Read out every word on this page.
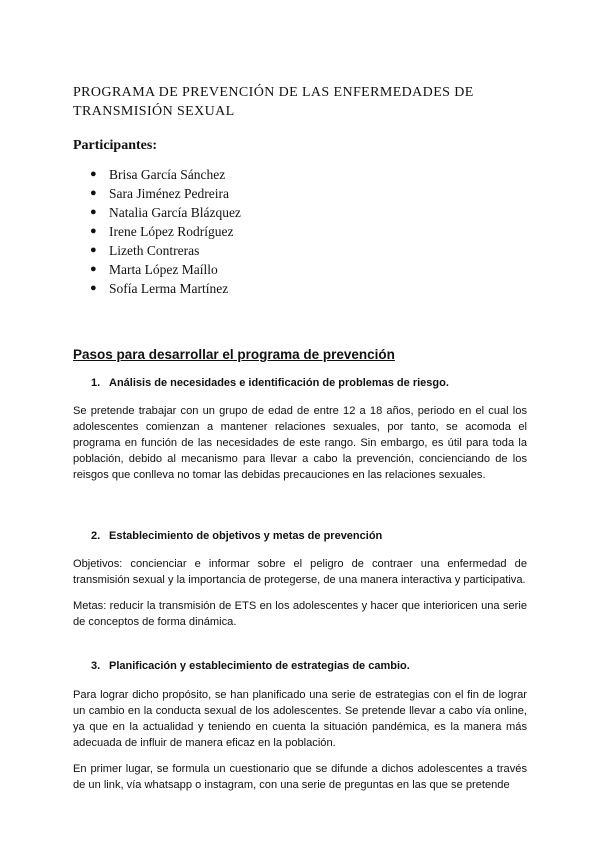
PROGRAMA DE PREVENCIÓN DE LAS ENFERMEDADES DE
TRANSMISIÓN SEXUAL
Participantes:
● Brisa García Sánchez
● Sara Jiménez Pedreira
● Natalia García Blázquez
● Irene López Rodríguez
● Lizeth Contreras
● Marta López Maíllo
● Sofía Lerma Martínez
Pasos para desarrollar el programa de prevención
1. Análisis de necesidades e identificación de problemas de riesgo.

Se pretende trabajar con un grupo de edad de entre 12 a 18 años, periodo en el cual los adolescentes comienzan a mantener relaciones sexuales, por tanto, se acomoda el programa en función de las necesidades de este rango. Sin embargo, es útil para toda la población, debido al mecanismo para llevar a cabo la prevención, concienciando de los reisgos que conlleva no tomar las debidas precauciones en las relaciones sexuales.

2. Establecimiento de objetivos y metas de prevención

Objetivos: concienciar e informar sobre el peligro de contraer una enfermedad de transmisión sexual y la importancia de protegerse, de una manera interactiva y participativa.

Metas: reducir la transmisión de ETS en los adolescentes y hacer que interioricen una serie de conceptos de forma dinámica.

3. Planificación y establecimiento de estrategias de cambio.

Para lograr dicho propósito, se han planificado una serie de estrategias con el fin de lograr un cambio en la conducta sexual de los adolescentes. Se pretende llevar a cabo vía online, ya que en la actualidad y teniendo en cuenta la situación pandémica, es la manera más adecuada de influir de manera eficaz en la población.

En primer lugar, se formula un cuestionario que se difunde a dichos adolescentes a través de un link, vía whatsapp o instagram, con una serie de preguntas en las que se pretende
